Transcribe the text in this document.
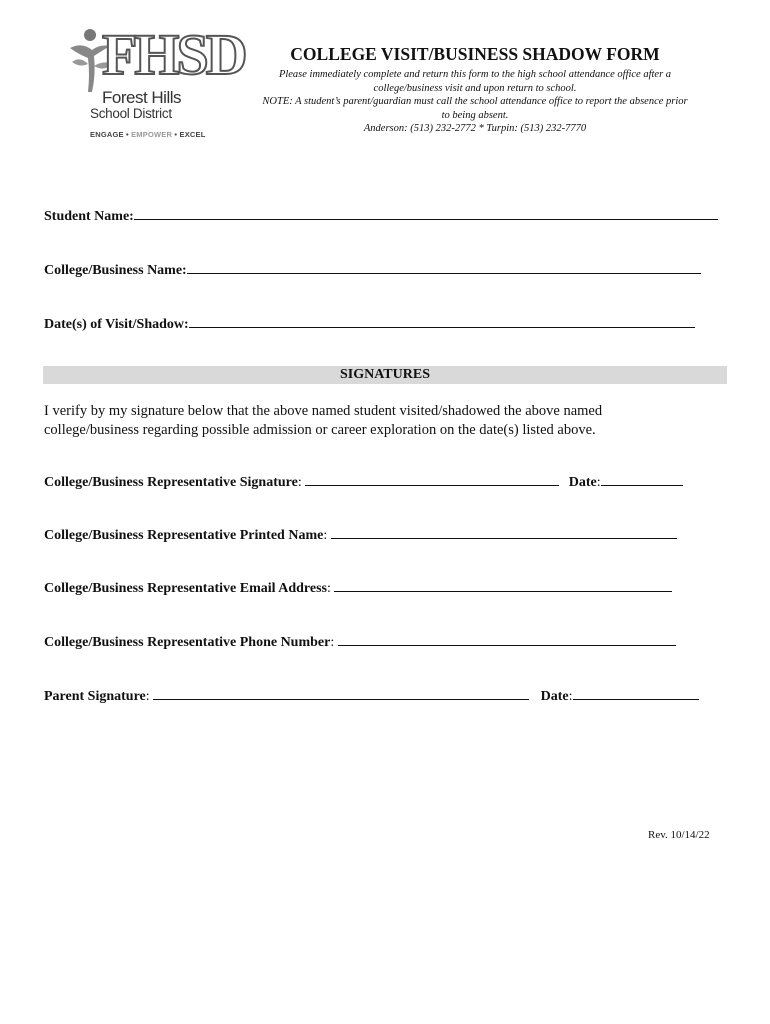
FHSD
Forest Hills
School District
ENGAGE • EMPOWER • EXCEL
COLLEGE VISIT/BUSINESS SHADOW FORM
Please immediately complete and return this form to the high school attendance office after a
college/business visit and upon return to school.
NOTE: A student’s parent/guardian must call the school attendance office to report the absence prior
to being absent.
Anderson: (513) 232-2772 * Turpin: (513) 232-7770
Student Name:
College/Business Name:
Date(s) of Visit/Shadow:
SIGNATURES
I verify by my signature below that the above named student visited/shadowed the above named college/business regarding possible admission or career exploration on the date(s) listed above.
College/Business Representative Signature:	Date:
College/Business Representative Printed Name:
College/Business Representative Email Address:
College/Business Representative Phone Number:
Parent Signature:	Date:
Rev. 10/14/22
